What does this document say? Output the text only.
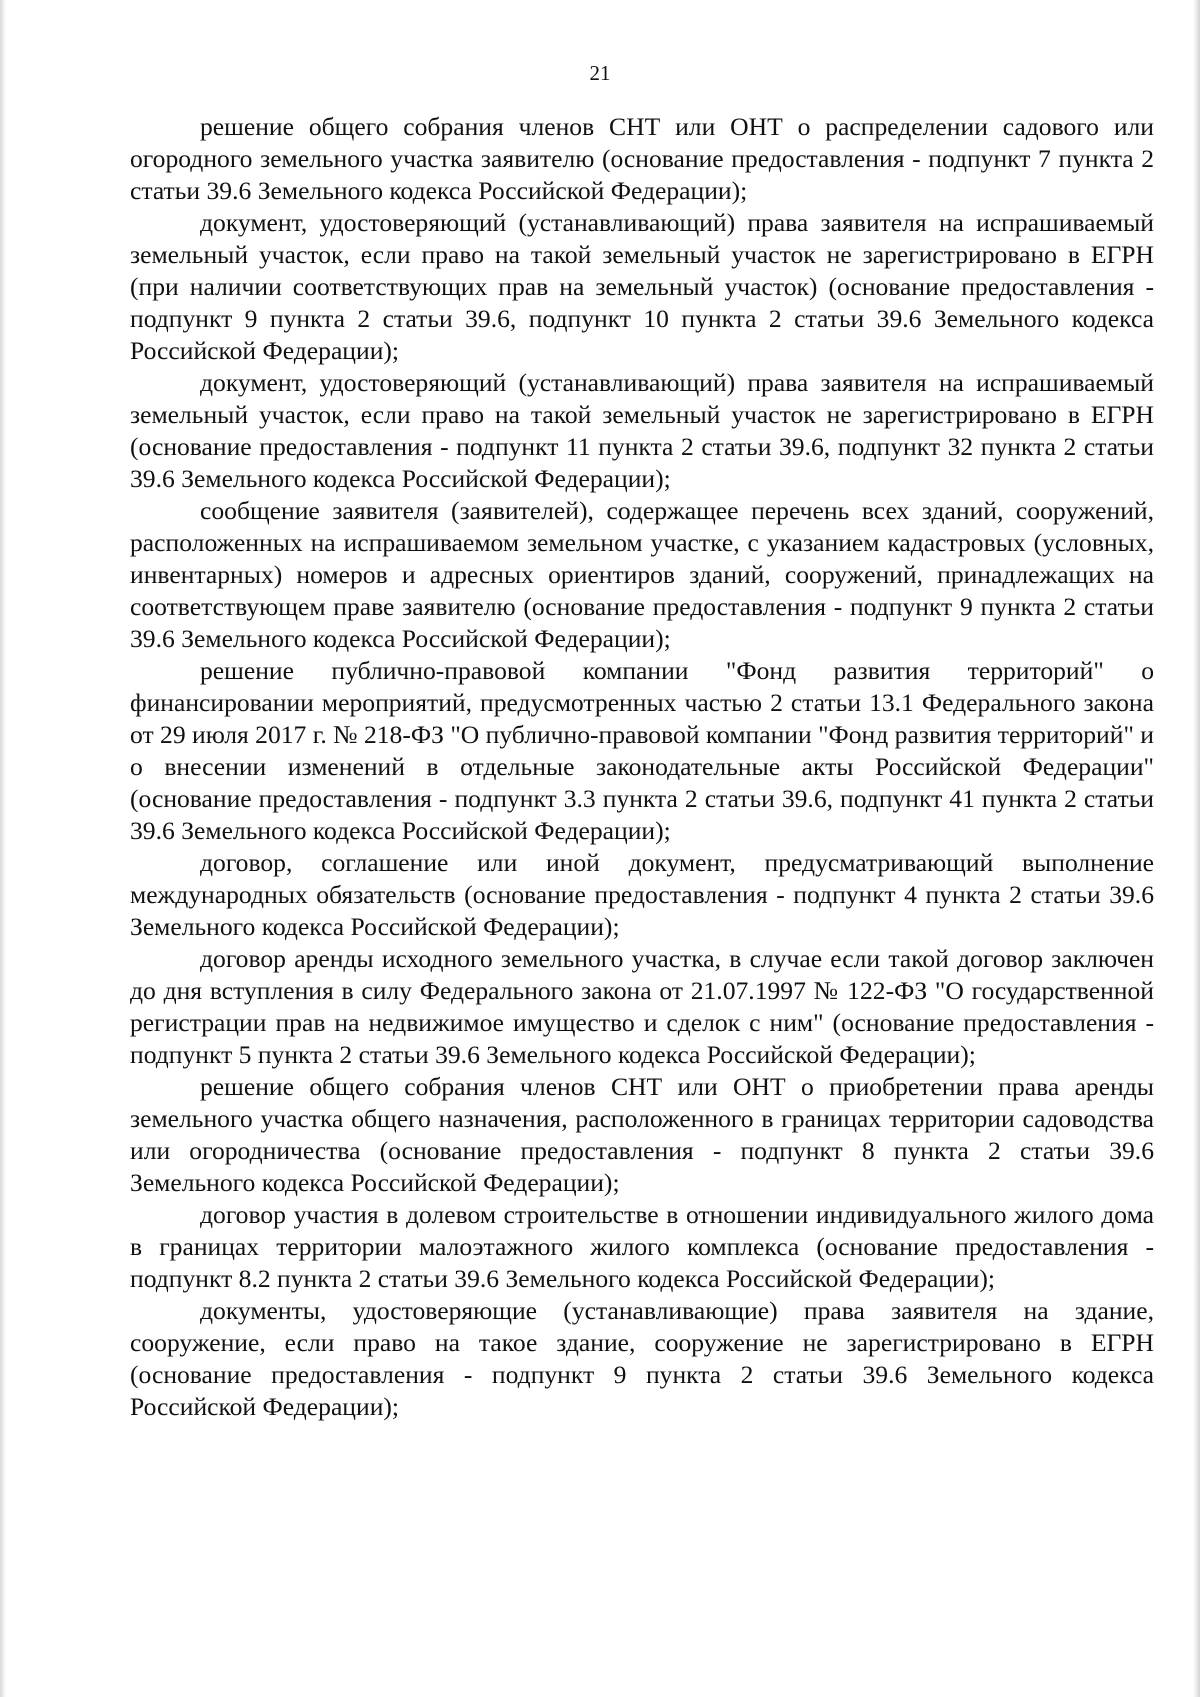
21

решение общего собрания членов СНТ или ОНТ о распределении садового или огородного земельного участка заявителю (основание предоставления - подпункт 7 пункта 2 статьи 39.6 Земельного кодекса Российской Федерации);

документ, удостоверяющий (устанавливающий) права заявителя на испрашиваемый земельный участок, если право на такой земельный участок не зарегистрировано в ЕГРН (при наличии соответствующих прав на земельный участок) (основание предоставления - подпункт 9 пункта 2 статьи 39.6, подпункт 10 пункта 2 статьи 39.6 Земельного кодекса Российской Федерации);

документ, удостоверяющий (устанавливающий) права заявителя на испрашиваемый земельный участок, если право на такой земельный участок не зарегистрировано в ЕГРН (основание предоставления - подпункт 11 пункта 2 статьи 39.6, подпункт 32 пункта 2 статьи 39.6 Земельного кодекса Российской Федерации);

сообщение заявителя (заявителей), содержащее перечень всех зданий, сооружений, расположенных на испрашиваемом земельном участке, с указанием кадастровых (условных, инвентарных) номеров и адресных ориентиров зданий, сооружений, принадлежащих на соответствующем праве заявителю (основание предоставления - подпункт 9 пункта 2 статьи 39.6 Земельного кодекса Российской Федерации);

решение публично-правовой компании "Фонд развития территорий" о финансировании мероприятий, предусмотренных частью 2 статьи 13.1 Федерального закона от 29 июля 2017 г. № 218-ФЗ "О публично-правовой компании "Фонд развития территорий" и о внесении изменений в отдельные законодательные акты Российской Федерации" (основание предоставления - подпункт 3.3 пункта 2 статьи 39.6, подпункт 41 пункта 2 статьи 39.6 Земельного кодекса Российской Федерации);

договор, соглашение или иной документ, предусматривающий выполнение международных обязательств (основание предоставления - подпункт 4 пункта 2 статьи 39.6 Земельного кодекса Российской Федерации);

договор аренды исходного земельного участка, в случае если такой договор заключен до дня вступления в силу Федерального закона от 21.07.1997 № 122-ФЗ "О государственной регистрации прав на недвижимое имущество и сделок с ним" (основание предоставления - подпункт 5 пункта 2 статьи 39.6 Земельного кодекса Российской Федерации);

решение общего собрания членов СНТ или ОНТ о приобретении права аренды земельного участка общего назначения, расположенного в границах территории садоводства или огородничества (основание предоставления - подпункт 8 пункта 2 статьи 39.6 Земельного кодекса Российской Федерации);

договор участия в долевом строительстве в отношении индивидуального жилого дома в границах территории малоэтажного жилого комплекса (основание предоставления - подпункт 8.2 пункта 2 статьи 39.6 Земельного кодекса Российской Федерации);

документы, удостоверяющие (устанавливающие) права заявителя на здание, сооружение, если право на такое здание, сооружение не зарегистрировано в ЕГРН (основание предоставления - подпункт 9 пункта 2 статьи 39.6 Земельного кодекса Российской Федерации);
